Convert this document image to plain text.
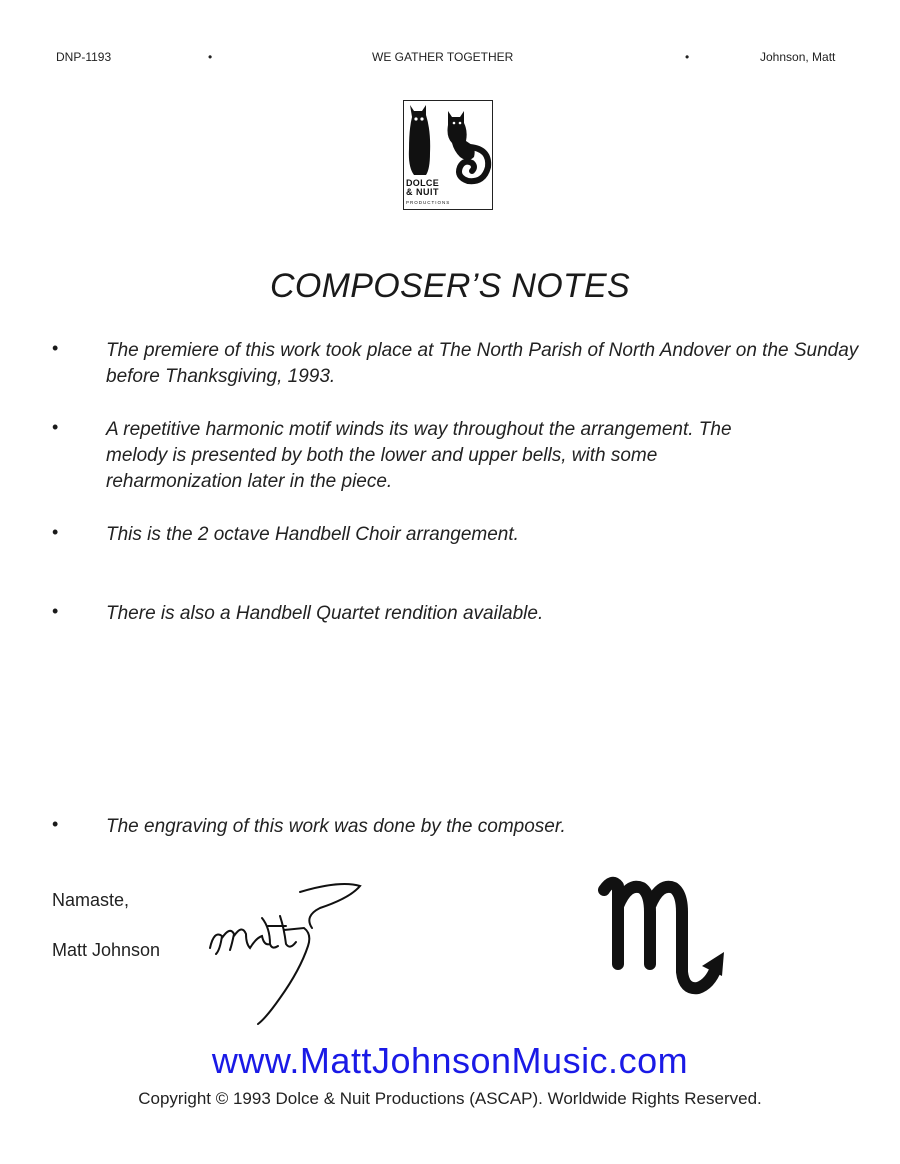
DNP-1193	•	WE GATHER TOGETHER	•	Johnson, Matt
DOLCE
& NUIT
PRODUCTIONS
COMPOSER’S NOTES
•	The premiere of this work took place at The North Parish of North Andover on the Sunday before Thanksgiving, 1993.
•	A repetitive harmonic motif winds its way throughout the arrangement. The melody is presented by both the lower and upper bells, with some reharmonization later in the piece.
•	This is the 2 octave Handbell Choir arrangement.
•	There is also a Handbell Quartet rendition available.
•	The engraving of this work was done by the composer.
Namaste,
Matt Johnson
www.MattJohnsonMusic.com
Copyright © 1993 Dolce & Nuit Productions (ASCAP). Worldwide Rights Reserved.
